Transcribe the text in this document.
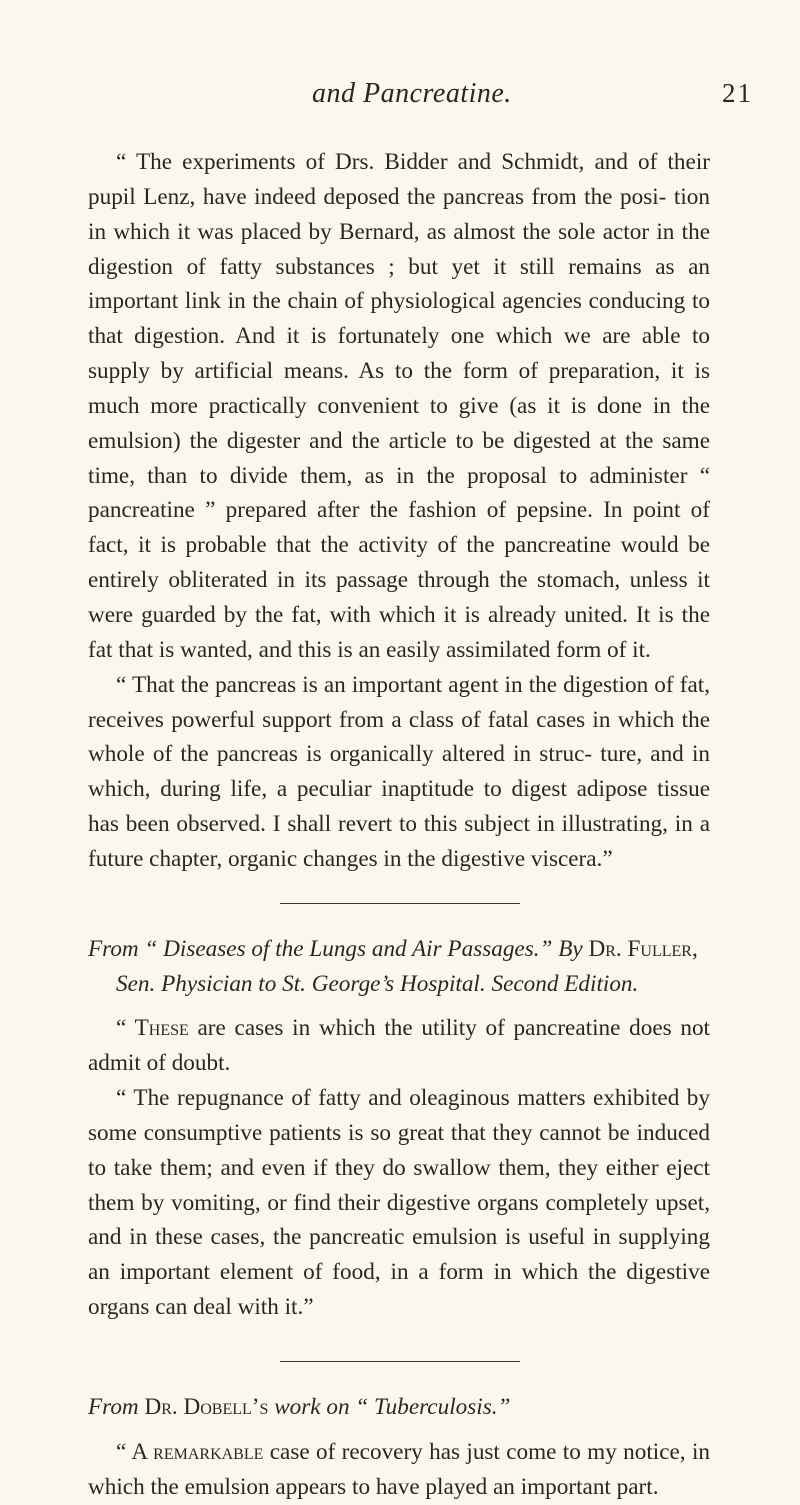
and Pancreatine.	21

“ The experiments of Drs. Bidder and Schmidt, and of their pupil Lenz, have indeed deposed the pancreas from the posi- tion in which it was placed by Bernard, as almost the sole actor in the digestion of fatty substances ; but yet it still remains as an important link in the chain of physiological agencies conducing to that digestion. And it is fortunately one which we are able to supply by artificial means. As to the form of preparation, it is much more practically convenient to give (as it is done in the emulsion) the digester and the article to be digested at the same time, than to divide them, as in the proposal to administer “ pancreatine ” prepared after the fashion of pepsine. In point of fact, it is probable that the activity of the pancreatine would be entirely obliterated in its passage through the stomach, unless it were guarded by the fat, with which it is already united. It is the fat that is wanted, and this is an easily assimilated form of it.

“ That the pancreas is an important agent in the digestion of fat, receives powerful support from a class of fatal cases in which the whole of the pancreas is organically altered in struc- ture, and in which, during life, a peculiar inaptitude to digest adipose tissue has been observed. I shall revert to this subject in illustrating, in a future chapter, organic changes in the digestive viscera.”

From “ Diseases of the Lungs and Air Passages.” By Dr. Fuller, Sen. Physician to St. George’s Hospital. Second Edition.

“ These are cases in which the utility of pancreatine does not admit of doubt.

“ The repugnance of fatty and oleaginous matters exhibited by some consumptive patients is so great that they cannot be induced to take them; and even if they do swallow them, they either eject them by vomiting, or find their digestive organs completely upset, and in these cases, the pancreatic emulsion is useful in supplying an important element of food, in a form in which the digestive organs can deal with it.”

From Dr. Dobell’s work on “ Tuberculosis.”

“ A remarkable case of recovery has just come to my notice, in which the emulsion appears to have played an important part.
